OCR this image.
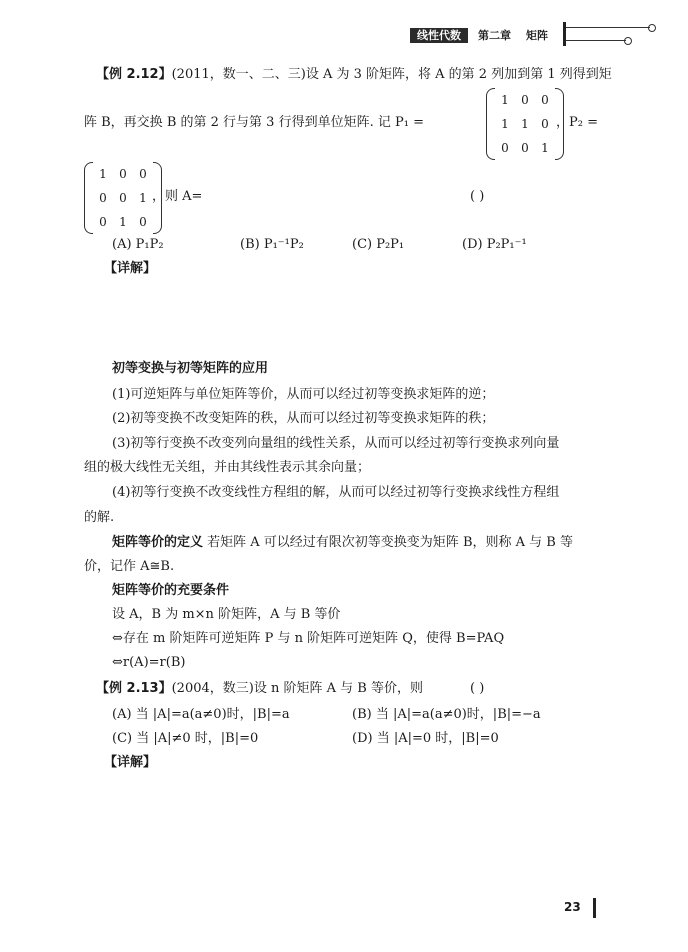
线性代数	第二章 矩阵
【例 2.12】(2011，数一、二、三)设 A 为 3 阶矩阵，将 A 的第 2 列加到第 1 列得到矩
阵 B，再交换 B 的第 2 行与第 3 行得到单位矩阵. 记 P₁ =
1	0	0
1	1	0
0	0	1
，P₂ =
1	0	0
0	0	1
0	1	0
，则 A=	( )
(A) P₁P₂	(B) P₁⁻¹P₂	(C) P₂P₁	(D) P₂P₁⁻¹
【详解】
初等变换与初等矩阵的应用
(1)可逆矩阵与单位矩阵等价，从而可以经过初等变换求矩阵的逆；
(2)初等变换不改变矩阵的秩，从而可以经过初等变换求矩阵的秩；
(3)初等行变换不改变列向量组的线性关系，从而可以经过初等行变换求列向量
组的极大线性无关组，并由其线性表示其余向量；
(4)初等行变换不改变线性方程组的解，从而可以经过初等行变换求线性方程组
的解.
矩阵等价的定义 若矩阵 A 可以经过有限次初等变换变为矩阵 B，则称 A 与 B 等
价，记作 A≅B.
矩阵等价的充要条件
设 A，B 为 m×n 阶矩阵，A 与 B 等价
⇔存在 m 阶矩阵可逆矩阵 P 与 n 阶矩阵可逆矩阵 Q，使得 B=PAQ
⇔r(A)=r(B)
【例 2.13】(2004，数三)设 n 阶矩阵 A 与 B 等价，则	( )
(A) 当 |A|=a(a≠0)时，|B|=a	(B) 当 |A|=a(a≠0)时，|B|=−a
(C) 当 |A|≠0 时，|B|=0	(D) 当 |A|=0 时，|B|=0
【详解】
23
